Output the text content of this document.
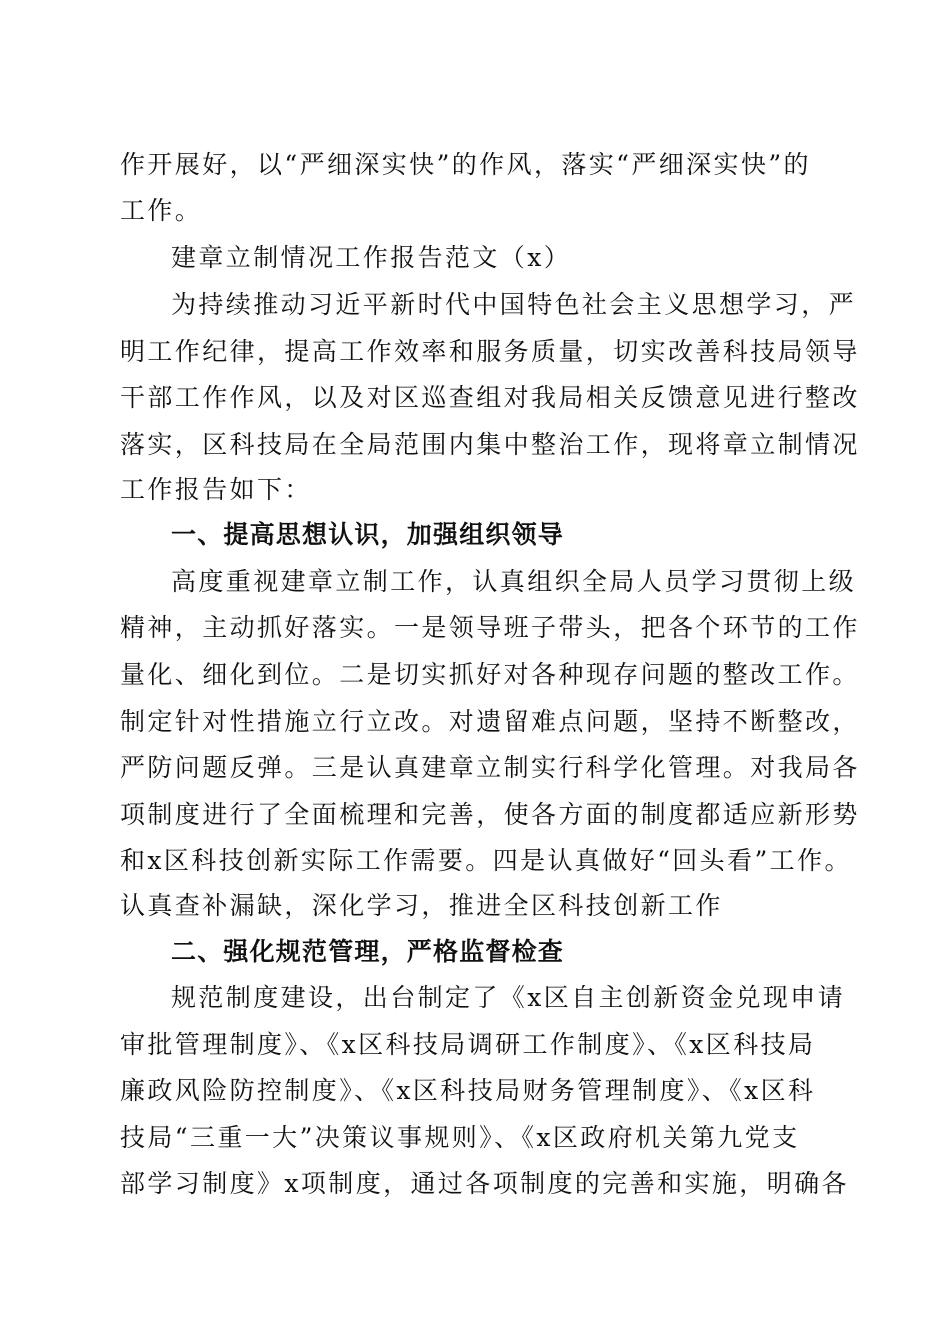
作开展好，以“严细深实快”的作风，落实“严细深实快”的
工作。
建章立制情况工作报告范文（x）
为持续推动习近平新时代中国特色社会主义思想学习，严
明工作纪律，提高工作效率和服务质量，切实改善科技局领导
干部工作作风，以及对区巡查组对我局相关反馈意见进行整改
落实，区科技局在全局范围内集中整治工作，现将章立制情况
工作报告如下：
一、提高思想认识，加强组织领导
高度重视建章立制工作，认真组织全局人员学习贯彻上级
精神，主动抓好落实。一是领导班子带头，把各个环节的工作
量化、细化到位。二是切实抓好对各种现存问题的整改工作。
制定针对性措施立行立改。对遗留难点问题，坚持不断整改，
严防问题反弹。三是认真建章立制实行科学化管理。对我局各
项制度进行了全面梳理和完善，使各方面的制度都适应新形势
和x区科技创新实际工作需要。四是认真做好“回头看”工作。
认真查补漏缺，深化学习，推进全区科技创新工作
二、强化规范管理，严格监督检查
规范制度建设，出台制定了《x区自主创新资金兑现申请
审批管理制度》、《x区科技局调研工作制度》、《x区科技局
廉政风险防控制度》、《x区科技局财务管理制度》、《x区科
技局“三重一大”决策议事规则》、《x区政府机关第九党支
部学习制度》x项制度，通过各项制度的完善和实施，明确各
